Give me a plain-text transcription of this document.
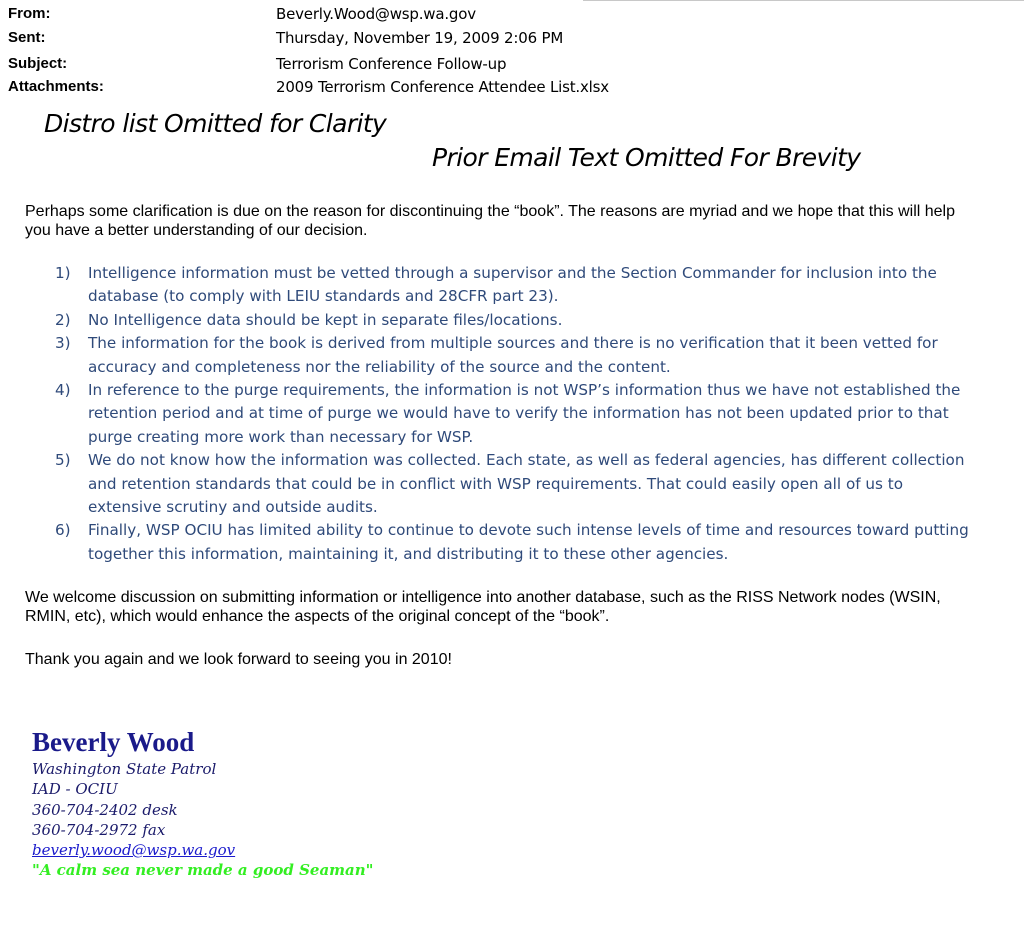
From:	Beverly.Wood@wsp.wa.gov
Sent:	Thursday, November 19, 2009 2:06 PM
Subject:	Terrorism Conference Follow-up
Attachments:	2009 Terrorism Conference Attendee List.xlsx
Distro list Omitted for Clarity
Prior Email Text Omitted For Brevity
Perhaps some clarification is due on the reason for discontinuing the “book”. The reasons are myriad and we hope that this will help you have a better understanding of our decision.
1) Intelligence information must be vetted through a supervisor and the Section Commander for inclusion into the database (to comply with LEIU standards and 28CFR part 23).
2) No Intelligence data should be kept in separate files/locations.
3) The information for the book is derived from multiple sources and there is no verification that it been vetted for accuracy and completeness nor the reliability of the source and the content.
4) In reference to the purge requirements, the information is not WSP’s information thus we have not established the retention period and at time of purge we would have to verify the information has not been updated prior to that purge creating more work than necessary for WSP.
5) We do not know how the information was collected. Each state, as well as federal agencies, has different collection and retention standards that could be in conflict with WSP requirements. That could easily open all of us to extensive scrutiny and outside audits.
6) Finally, WSP OCIU has limited ability to continue to devote such intense levels of time and resources toward putting together this information, maintaining it, and distributing it to these other agencies.
We welcome discussion on submitting information or intelligence into another database, such as the RISS Network nodes (WSIN, RMIN, etc), which would enhance the aspects of the original concept of the “book”.
Thank you again and we look forward to seeing you in 2010!
Beverly Wood
Washington State Patrol
IAD - OCIU
360-704-2402 desk
360-704-2972 fax
beverly.wood@wsp.wa.gov
"A calm sea never made a good Seaman"
